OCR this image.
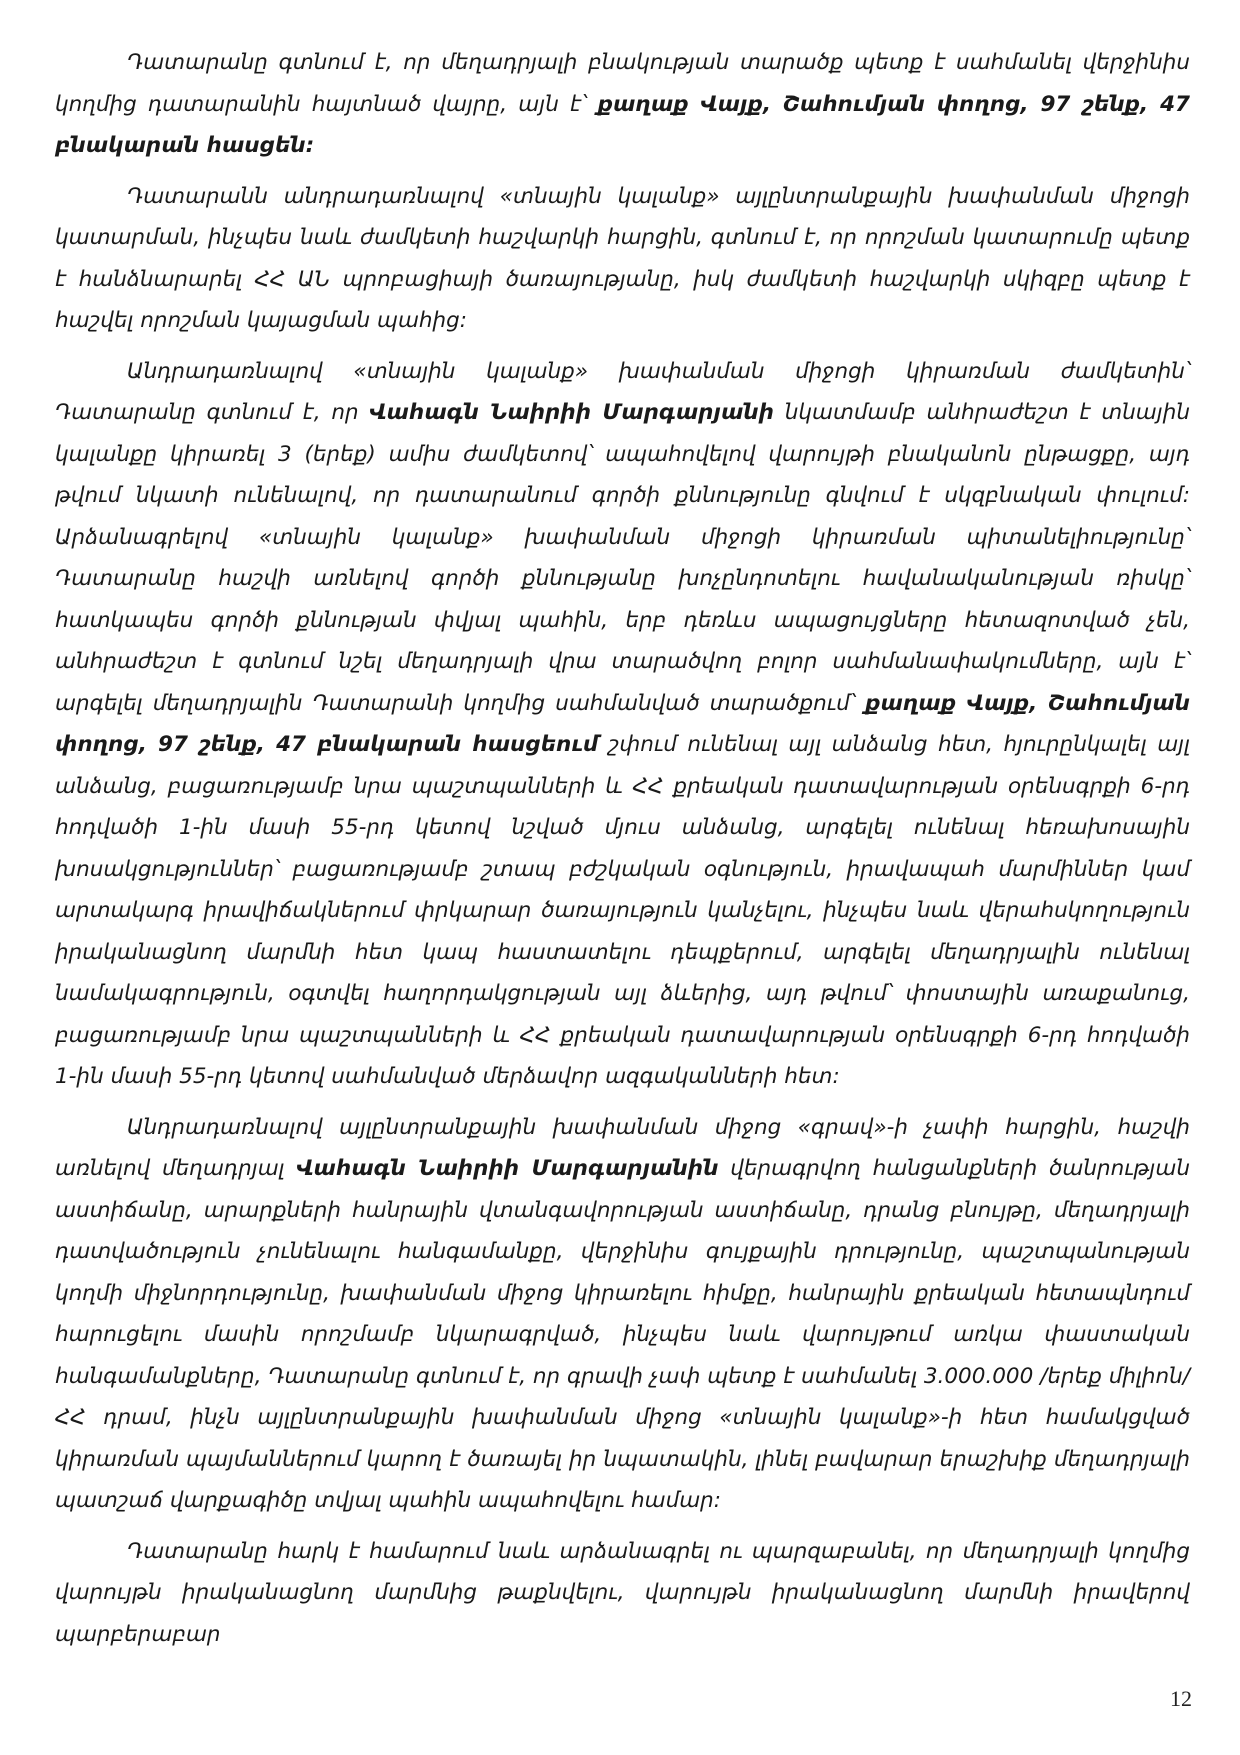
Դատարանը գտնում է, որ մեղադրյալի բնակության տարածք պետք է սահմանել վերջինիս կողմից դատարանին հայտնած վայրը, այն է՝ քաղաք Վայք, Շահումյան փողոց, 97 շենք, 47 բնակարան հասցեն:

Դատարանն անդրադառնալով «տնային կալանք» այլընտրանքային խափանման միջոցի կատարման, ինչպես նաև ժամկետի հաշվարկի հարցին, գտնում է, որ որոշման կատարումը պետք է հանձնարարել ՀՀ ԱՆ պրոբացիայի ծառայությանը, իսկ ժամկետի հաշվարկի սկիզբը պետք է հաշվել որոշման կայացման պահից:

Անդրադառնալով «տնային կալանք» խափանման միջոցի կիրառման ժամկետին՝ Դատարանը գտնում է, որ Վահագն Նաիրիի Մարգարյանի նկատմամբ անհրաժեշտ է տնային կալանքը կիրառել 3 (երեք) ամիս ժամկետով՝ ապահովելով վարույթի բնականոն ընթացքը, այդ թվում նկատի ունենալով, որ դատարանում գործի քննությունը գնվում է սկզբնական փուլում: Արձանագրելով «տնային կալանք» խափանման միջոցի կիրառման պիտանելիությունը՝ Դատարանը հաշվի առնելով գործի քննությանը խոչընդոտելու հավանականության ռիսկը՝ հատկապես գործի քննության փվյալ պահին, երբ դեռևս ապացույցները հետազոտված չեն, անհրաժեշտ է գտնում նշել մեղադրյալի վրա տարածվող բոլոր սահմանափակումները, այն է՝ արգելել մեղադրյալին Դատարանի կողմից սահմանված տարածքում՝ քաղաք Վայք, Շահումյան փողոց, 97 շենք, 47 բնակարան հասցեում շփում ունենալ այլ անձանց հետ, հյուրընկալել այլ անձանց, բացառությամբ նրա պաշտպանների և ՀՀ քրեական դատավարության օրենսգրքի 6-րդ հոդվածի 1-ին մասի 55-րդ կետով նշված մյուս անձանց, արգելել ունենալ հեռախոսային խոսակցություններ՝ բացառությամբ շտապ բժշկական օգնություն, իրավապահ մարմիններ կամ արտակարգ իրավիճակներում փրկարար ծառայություն կանչելու, ինչպես նաև վերահսկողություն իրականացնող մարմնի հետ կապ հաստատելու դեպքերում, արգելել մեղադրյալին ունենալ նամակագրություն, օգտվել հաղորդակցության այլ ձևերից, այդ թվում՝ փոստային առաքանուց, բացառությամբ նրա պաշտպանների և ՀՀ քրեական դատավարության օրենսգրքի 6-րդ հոդվածի 1-ին մասի 55-րդ կետով սահմանված մերձավոր ազգականների հետ:

Անդրադառնալով այլընտրանքային խափանման միջոց «գրավ»-ի չափի հարցին, հաշվի առնելով մեղադրյալ Վահագն Նաիրիի Մարգարյանին վերագրվող հանցանքների ծանրության աստիճանը, արարքների հանրային վտանգավորության աստիճանը, դրանց բնույթը, մեղադրյալի դատվածություն չունենալու հանգամանքը, վերջինիս գույքային դրությունը, պաշտպանության կողմի միջնորդությունը, խափանման միջոց կիրառելու հիմքը, հանրային քրեական հետապնդում հարուցելու մասին որոշմամբ նկարագրված, ինչպես նաև վարույթում առկա փաստական հանգամանքները, Դատարանը գտնում է, որ գրավի չափ պետք է սահմանել 3.000.000 /երեք միլիոն/ ՀՀ դրամ, ինչն այլընտրանքային խափանման միջոց «տնային կալանք»-ի հետ համակցված կիրառման պայմաններում կարող է ծառայել իր նպատակին, լինել բավարար երաշխիք մեղադրյալի պատշաճ վարքագիծը տվյալ պահին ապահովելու համար:

Դատարանը հարկ է համարում նաև արձանագրել ու պարզաբանել, որ մեղադրյալի կողմից վարույթն իրականացնող մարմնից թաքնվելու, վարույթն իրականացնող մարմնի իրավերով պարբերաբար

12
